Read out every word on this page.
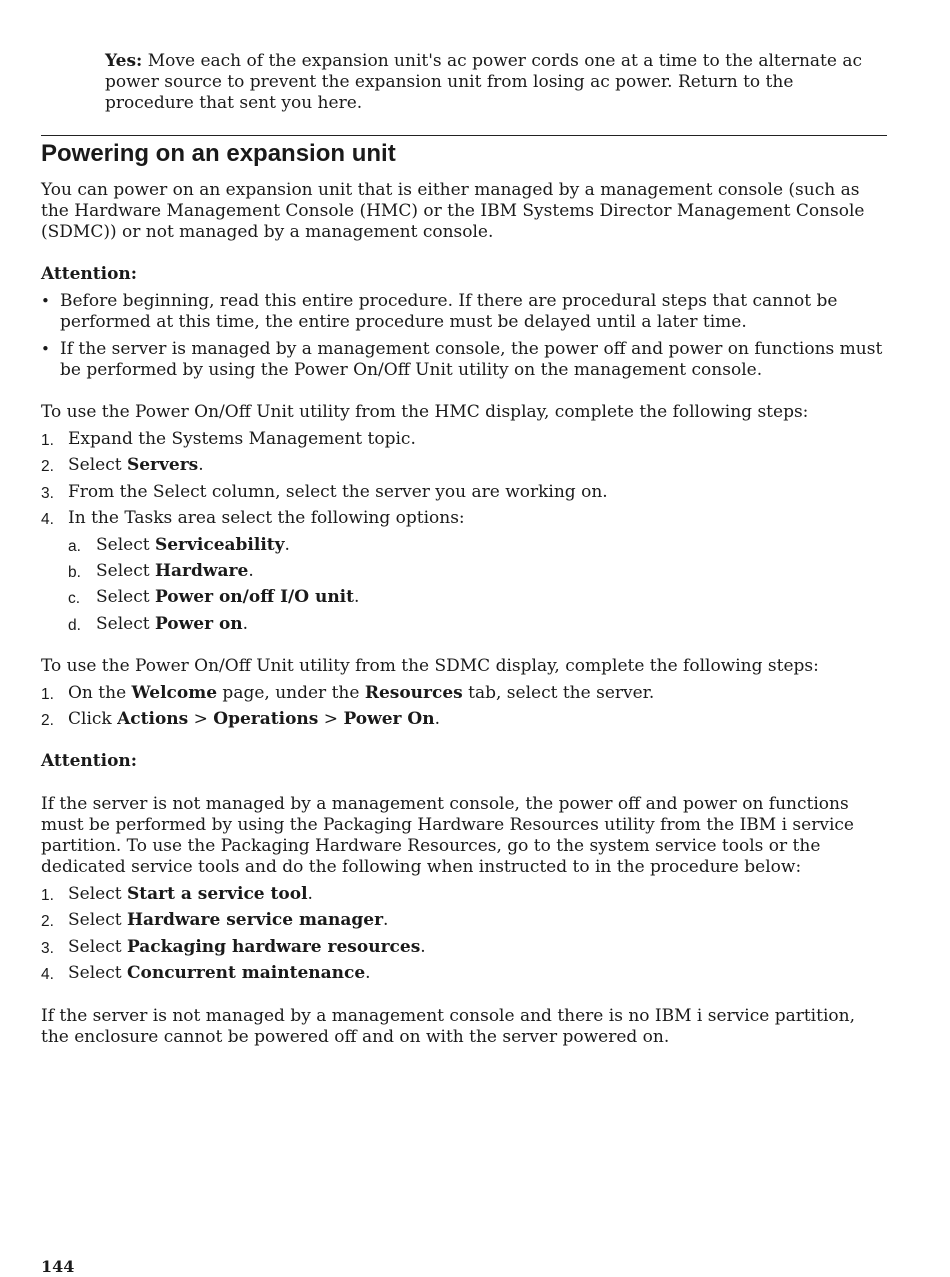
Yes: Move each of the expansion unit's ac power cords one at a time to the alternate ac power source to prevent the expansion unit from losing ac power. Return to the procedure that sent you here.

Powering on an expansion unit

You can power on an expansion unit that is either managed by a management console (such as the Hardware Management Console (HMC) or the IBM Systems Director Management Console (SDMC)) or not managed by a management console.

Attention:

• Before beginning, read this entire procedure. If there are procedural steps that cannot be performed at this time, the entire procedure must be delayed until a later time.
• If the server is managed by a management console, the power off and power on functions must be performed by using the Power On/Off Unit utility on the management console.

To use the Power On/Off Unit utility from the HMC display, complete the following steps:

1. Expand the Systems Management topic.
2. Select Servers.
3. From the Select column, select the server you are working on.
4. In the Tasks area select the following options:
a. Select Serviceability.
b. Select Hardware.
c. Select Power on/off I/O unit.
d. Select Power on.

To use the Power On/Off Unit utility from the SDMC display, complete the following steps:

1. On the Welcome page, under the Resources tab, select the server.
2. Click Actions > Operations > Power On.

Attention:

If the server is not managed by a management console, the power off and power on functions must be performed by using the Packaging Hardware Resources utility from the IBM i service partition. To use the Packaging Hardware Resources, go to the system service tools or the dedicated service tools and do the following when instructed to in the procedure below:

1. Select Start a service tool.
2. Select Hardware service manager.
3. Select Packaging hardware resources.
4. Select Concurrent maintenance.

If the server is not managed by a management console and there is no IBM i service partition, the enclosure cannot be powered off and on with the server powered on.

144
